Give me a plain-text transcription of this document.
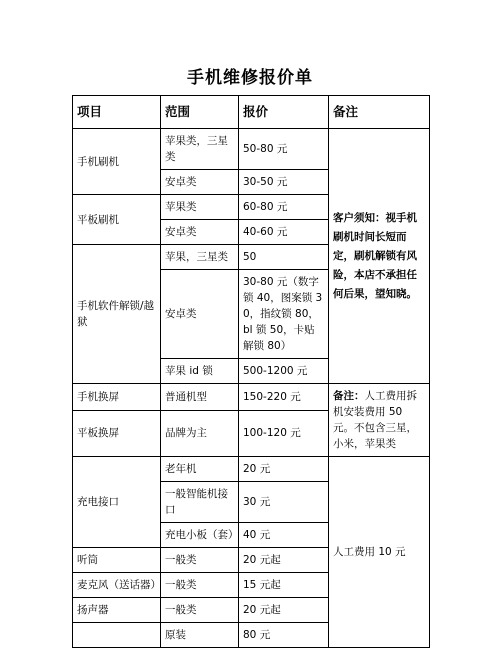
手机维修报价单
项目	范围	报价	备注
手机刷机	苹果类，三星类	50-80 元	客户须知：视手机刷机时间长短而定，刷机解锁有风险，本店不承担任何后果，望知晓。
	安卓类	30-50 元	
平板刷机	苹果类	60-80 元	
	安卓类	40-60 元	
手机软件解锁/越狱	苹果，三星类	50	
	安卓类	30-80 元（数字锁 40，图案锁 30，指纹锁 80，bl 锁 50，卡贴解锁 80）	
	苹果 id 锁	500-1200 元	
手机换屏	普通机型	150-220 元	备注：人工费用拆机安装费用 50 元。不包含三星，小米，苹果类
平板换屏	品牌为主	100-120 元	
充电接口	老年机	20 元	人工费用 10 元
	一般智能机接口	30 元	
	充电小板（套）	40 元	
听筒	一般类	20 元起	
麦克风（送话器）	一般类	15 元起	
扬声器	一般类	20 元起	
	原装	80 元	
